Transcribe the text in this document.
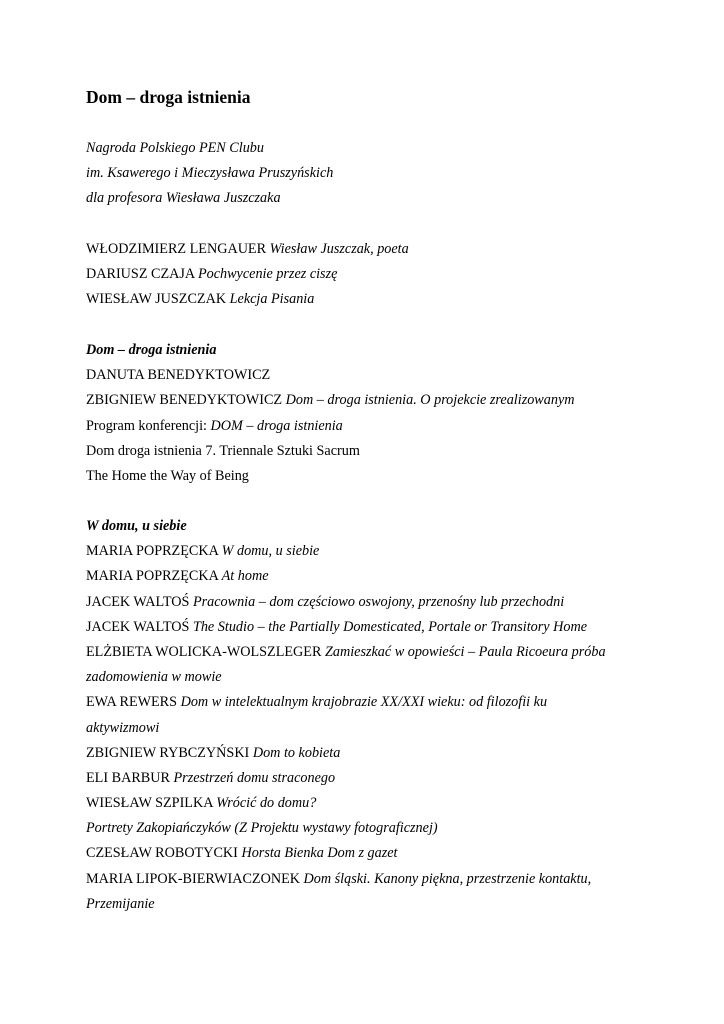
Dom – droga istnienia
Nagroda Polskiego PEN Clubu
im. Ksawerego i Mieczysława Pruszyńskich
dla profesora Wiesława Juszczaka
WŁODZIMIERZ LENGAUER Wiesław Juszczak, poeta
DARIUSZ CZAJA Pochwycenie przez ciszę
WIESŁAW JUSZCZAK Lekcja Pisania
Dom – droga istnienia
DANUTA BENEDYKTOWICZ
ZBIGNIEW BENEDYKTOWICZ Dom – droga istnienia. O projekcie zrealizowanym
Program konferencji: DOM – droga istnienia
Dom droga istnienia 7. Triennale Sztuki Sacrum
The Home the Way of Being
W domu, u siebie
MARIA POPRZĘCKA W domu, u siebie
MARIA POPRZĘCKA At home
JACEK WALTOŚ Pracownia – dom częściowo oswojony, przenośny lub przechodni
JACEK WALTOŚ The Studio – the Partially Domesticated, Portale or Transitory Home
ELŻBIETA WOLICKA-WOLSZLEGER Zamieszkać w opowieści – Paula Ricoeura próba
zadomowienia w mowie
EWA REWERS Dom w intelektualnym krajobrazie XX/XXI wieku: od filozofii ku
aktywizmowi
ZBIGNIEW RYBCZYŃSKI Dom to kobieta
ELI BARBUR Przestrzeń domu straconego
WIESŁAW SZPILKA Wrócić do domu?
Portrety Zakopiańczyków (Z Projektu wystawy fotograficznej)
CZESŁAW ROBOTYCKI Horsta Bienka Dom z gazet
MARIA LIPOK-BIERWIACZONEK Dom śląski. Kanony piękna, przestrzenie kontaktu,
Przemijanie
